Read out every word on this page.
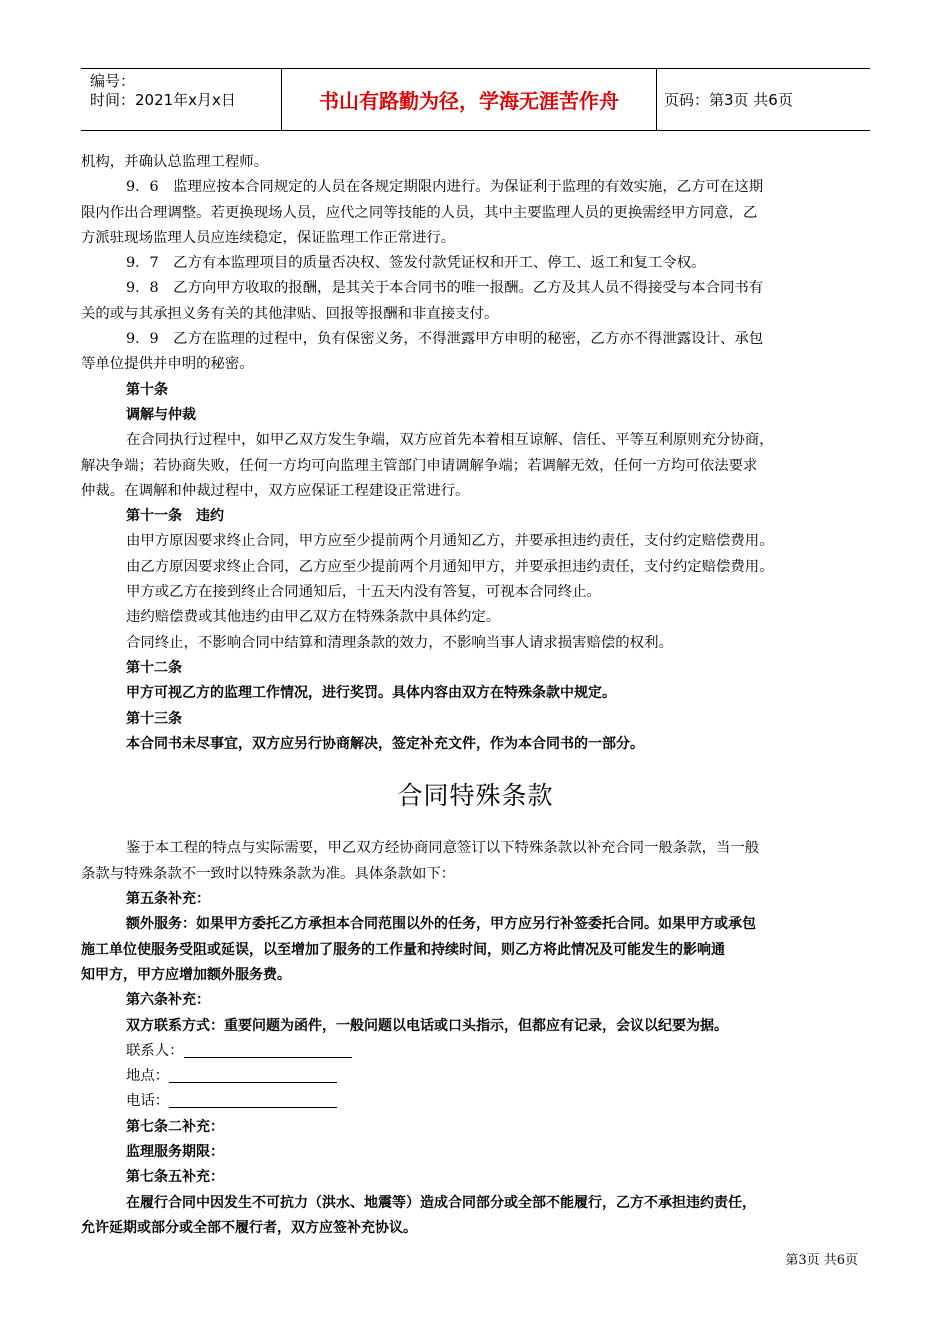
编号：
时间：2021年x月x日	书山有路勤为径，学海无涯苦作舟	页码：第3页 共6页

机构，并确认总监理工程师。

9．6　监理应按本合同规定的人员在各规定期限内进行。为保证利于监理的有效实施，乙方可在这期

限内作出合理调整。若更换现场人员，应代之同等技能的人员，其中主要监理人员的更换需经甲方同意，乙

方派驻现场监理人员应连续稳定，保证监理工作正常进行。

9．7　乙方有本监理项目的质量否决权、签发付款凭证权和开工、停工、返工和复工令权。

9．8　乙方向甲方收取的报酬，是其关于本合同书的唯一报酬。乙方及其人员不得接受与本合同书有

关的或与其承担义务有关的其他津贴、回报等报酬和非直接支付。

9．9　乙方在监理的过程中，负有保密义务，不得泄露甲方申明的秘密，乙方亦不得泄露设计、承包

等单位提供并申明的秘密。

第十条

调解与仲裁

在合同执行过程中，如甲乙双方发生争端，双方应首先本着相互谅解、信任、平等互利原则充分协商，

解决争端；若协商失败，任何一方均可向监理主管部门申请调解争端；若调解无效，任何一方均可依法要求

仲裁。在调解和仲裁过程中，双方应保证工程建设正常进行。

第十一条　违约

由甲方原因要求终止合同，甲方应至少提前两个月通知乙方，并要承担违约责任，支付约定赔偿费用。

由乙方原因要求终止合同，乙方应至少提前两个月通知甲方，并要承担违约责任，支付约定赔偿费用。

甲方或乙方在接到终止合同通知后，十五天内没有答复，可视本合同终止。

违约赔偿费或其他违约由甲乙双方在特殊条款中具体约定。

合同终止，不影响合同中结算和清理条款的效力，不影响当事人请求损害赔偿的权利。

第十二条

甲方可视乙方的监理工作情况，进行奖罚。具体内容由双方在特殊条款中规定。

第十三条

本合同书未尽事宜，双方应另行协商解决，签定补充文件，作为本合同书的一部分。

合同特殊条款

鉴于本工程的特点与实际需要，甲乙双方经协商同意签订以下特殊条款以补充合同一般条款，当一般

条款与特殊条款不一致时以特殊条款为准。具体条款如下：

第五条补充：

额外服务：如果甲方委托乙方承担本合同范围以外的任务，甲方应另行补签委托合同。如果甲方或承包

施工单位使服务受阻或延误，以至增加了服务的工作量和持续时间，则乙方将此情况及可能发生的影响通

知甲方，甲方应增加额外服务费。

第六条补充：

双方联系方式：重要问题为函件，一般问题以电话或口头指示，但都应有记录，会议以纪要为据。

联系人：

地点：

电话：

第七条二补充：

监理服务期限：

第七条五补充：

在履行合同中因发生不可抗力（洪水、地震等）造成合同部分或全部不能履行，乙方不承担违约责任，

允许延期或部分或全部不履行者，双方应签补充协议。

第3页 共6页
